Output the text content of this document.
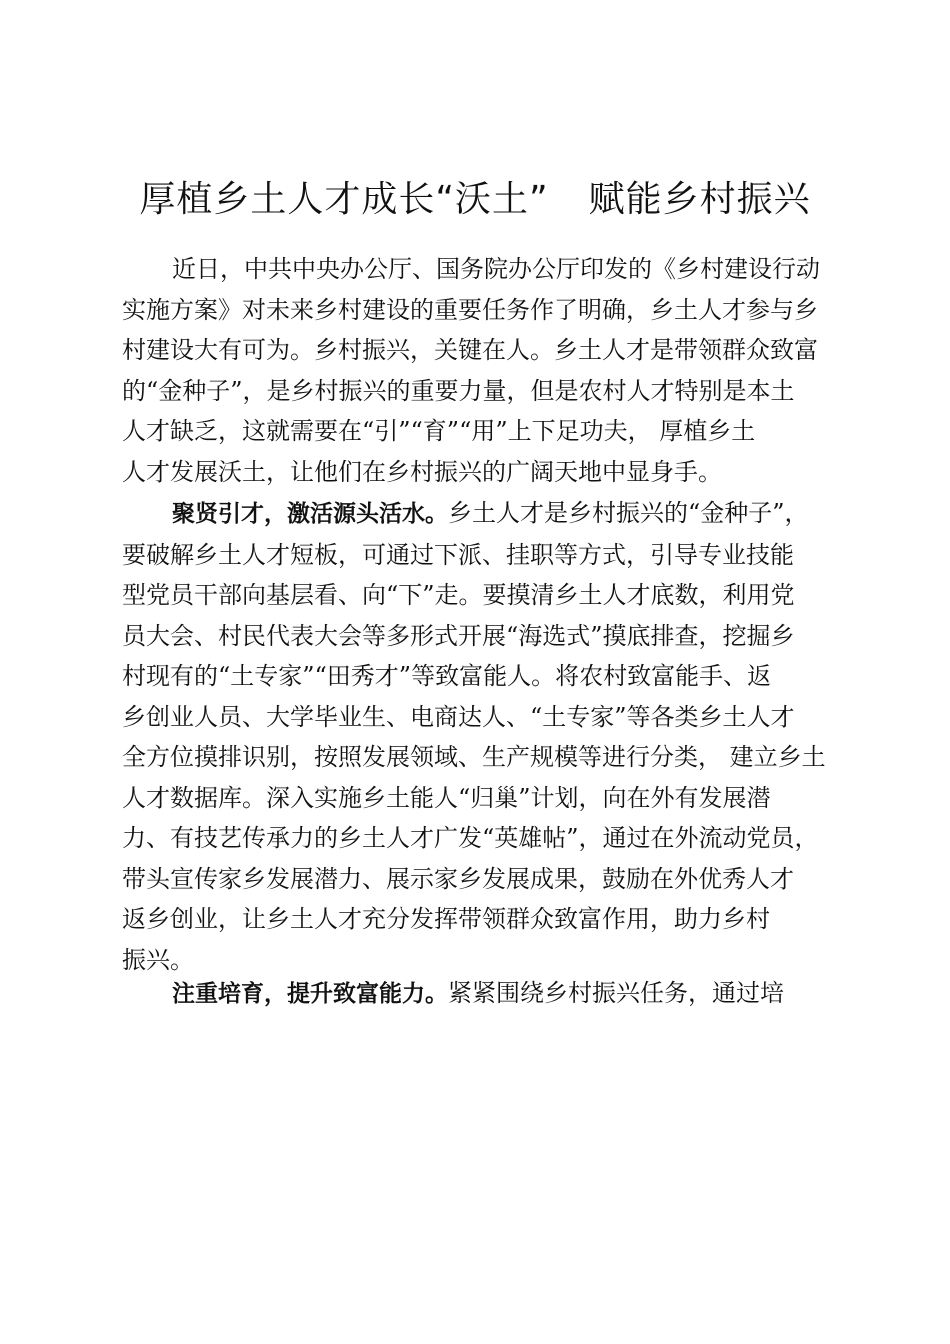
厚植乡土人才成长“沃土” 赋能乡村振兴
近日，中共中央办公厅、国务院办公厅印发的《乡村建设行动
实施方案》对未来乡村建设的重要任务作了明确，乡土人才参与乡
村建设大有可为。乡村振兴，关键在人。乡土人才是带领群众致富
的“金种子”，是乡村振兴的重要力量，但是农村人才特别是本土
人才缺乏，这就需要在“引”“育”“用”上下足功夫， 厚植乡土
人才发展沃土，让他们在乡村振兴的广阔天地中显身手。
聚贤引才，激活源头活水。乡土人才是乡村振兴的“金种子”，
要破解乡土人才短板，可通过下派、挂职等方式，引导专业技能
型党员干部向基层看、向“下”走。要摸清乡土人才底数，利用党
员大会、村民代表大会等多形式开展“海选式”摸底排查，挖掘乡
村现有的“土专家”“田秀才”等致富能人。将农村致富能手、返
乡创业人员、大学毕业生、电商达人、“土专家”等各类乡土人才
全方位摸排识别，按照发展领域、生产规模等进行分类， 建立乡土
人才数据库。深入实施乡土能人“归巢”计划，向在外有发展潜
力、有技艺传承力的乡土人才广发“英雄帖”，通过在外流动党员，
带头宣传家乡发展潜力、展示家乡发展成果，鼓励在外优秀人才
返乡创业，让乡土人才充分发挥带领群众致富作用，助力乡村
振兴。
注重培育，提升致富能力。紧紧围绕乡村振兴任务，通过培
